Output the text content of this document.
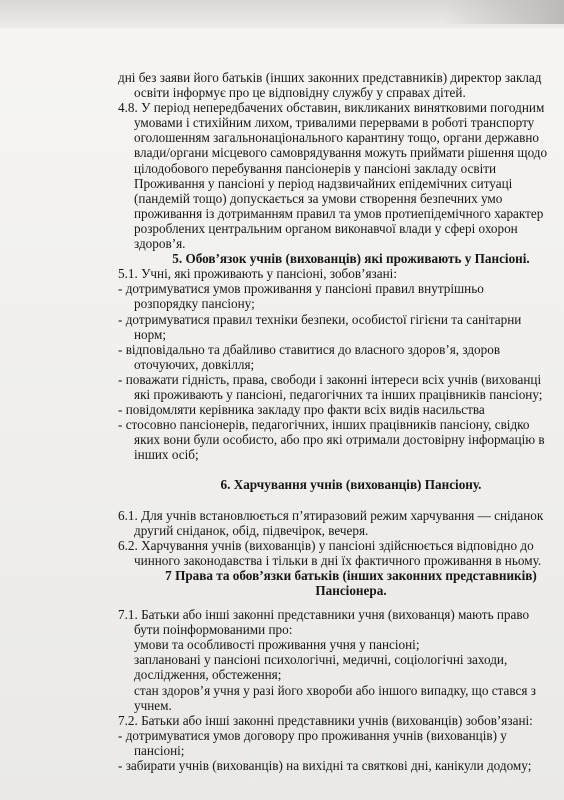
дні без заяви його батьків (інших законних представників) директор заклад
освіти інформує про це відповідну службу у справах дітей.
4.8. У період непередбачених обставин, викликаних винятковими погодним
умовами і стихійним лихом, тривалими перервами в роботі транспорту
оголошенням загальнонаціонального карантину тощо, органи державно
влади/органи місцевого самоврядування можуть приймати рішення щодо
цілодобового перебування пансіонерів у пансіоні закладу освіти
Проживання у пансіоні у період надзвичайних епідемічних ситуаці
(пандемій тощо) допускається за умови створення безпечних умо
проживання із дотриманням правил та умов протиепідемічного характер
розроблених центральним органом виконавчої влади у сфері охорон
здоров’я.
5. Обов’язок учнів (вихованців) які проживають у Пансіоні.
5.1. Учні, які проживають у пансіоні, зобов’язані:
- дотримуватися умов проживання у пансіоні правил внутрішньо
розпорядку пансіону;
- дотримуватися правил техніки безпеки, особистої гігієни та санітарни
норм;
- відповідально та дбайливо ставитися до власного здоров’я, здоров
оточуючих, довкілля;
- поважати гідність, права, свободи і законні інтереси всіх учнів (вихованці
які проживають у пансіоні, педагогічних та інших працівників пансіону;
- повідомляти керівника закладу про факти всіх видів насильства
- стосовно пансіонерів, педагогічних, інших працівників пансіону, свідко
яких вони були особисто, або про які отримали достовірну інформацію в
інших осіб;
6. Харчування учнів (вихованців) Пансіону.
6.1. Для учнів встановлюється п’ятиразовий режим харчування — сніданок
другий сніданок, обід, підвечірок, вечеря.
6.2. Харчування учнів (вихованців) у пансіоні здійснюється відповідно до
чинного законодавства і тільки в дні їх фактичного проживання в ньому.
7 Права та обов’язки батьків (інших законних представників)
Пансіонера.
7.1. Батьки або інші законні представники учня (вихованця) мають право
бути поінформованими про:
умови та особливості проживання учня у пансіоні;
заплановані у пансіоні психологічні, медичні, соціологічні заходи,
дослідження, обстеження;
стан здоров’я учня у разі його хвороби або іншого випадку, що стався з
учнем.
7.2. Батьки або інші законні представники учнів (вихованців) зобов’язані:
- дотримуватися умов договору про проживання учнів (вихованців) у
пансіоні;
- забирати учнів (вихованців) на вихідні та святкові дні, канікули додому;
